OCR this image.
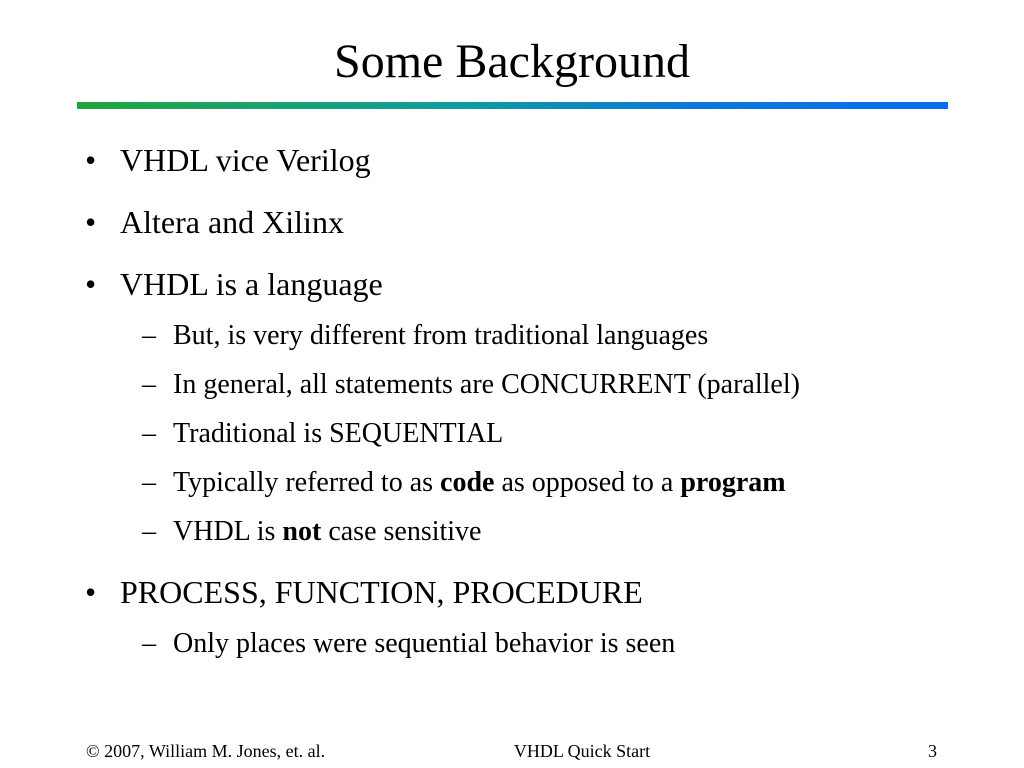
Some Background
• VHDL vice Verilog
• Altera and Xilinx
• VHDL is a language
– But, is very different from traditional languages
– In general, all statements are CONCURRENT (parallel)
– Traditional is SEQUENTIAL
– Typically referred to as code as opposed to a program
– VHDL is not case sensitive
• PROCESS, FUNCTION, PROCEDURE
– Only places were sequential behavior is seen
© 2007, William M. Jones, et. al.	VHDL Quick Start	3
